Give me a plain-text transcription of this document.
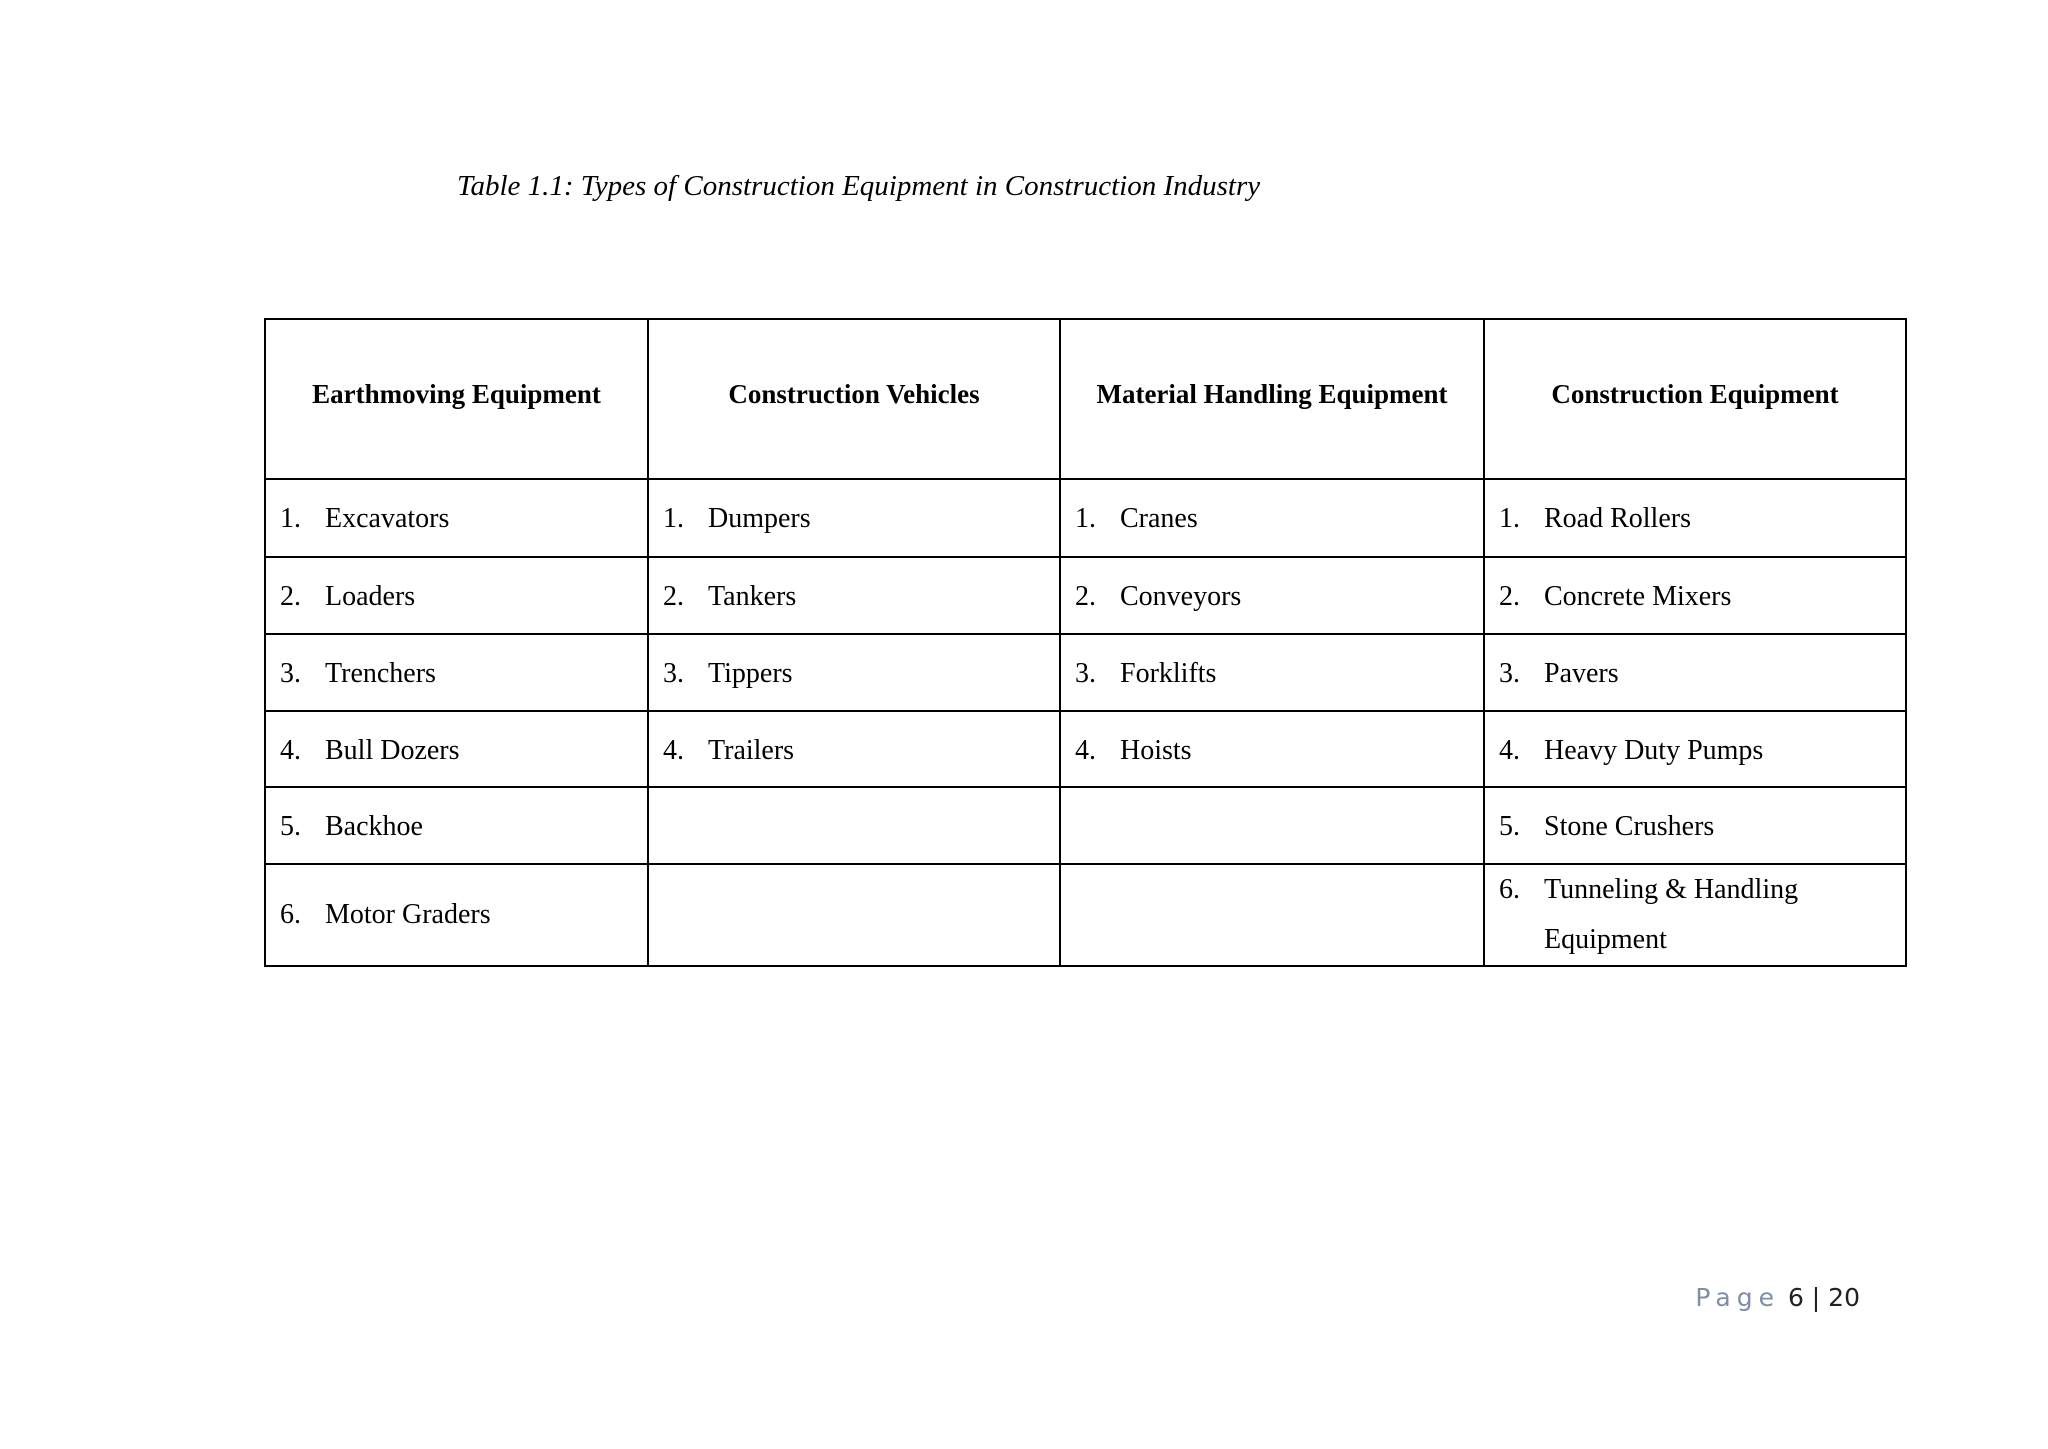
Table 1.1: Types of Construction Equipment in Construction Industry
Earthmoving Equipment	Construction Vehicles	Material Handling Equipment	Construction Equipment

1. Excavators	1. Dumpers	1. Cranes	1. Road Rollers

2. Loaders	2. Tankers	2. Conveyors	2. Concrete Mixers

3. Trenchers	3. Tippers	3. Forklifts	3. Pavers

4. Bull Dozers	4. Trailers	4. Hoists	4. Heavy Duty Pumps

5. Backhoe			5. Stone Crushers

6. Motor Graders			6. Tunneling & Handling Equipment
Page 6 | 20
